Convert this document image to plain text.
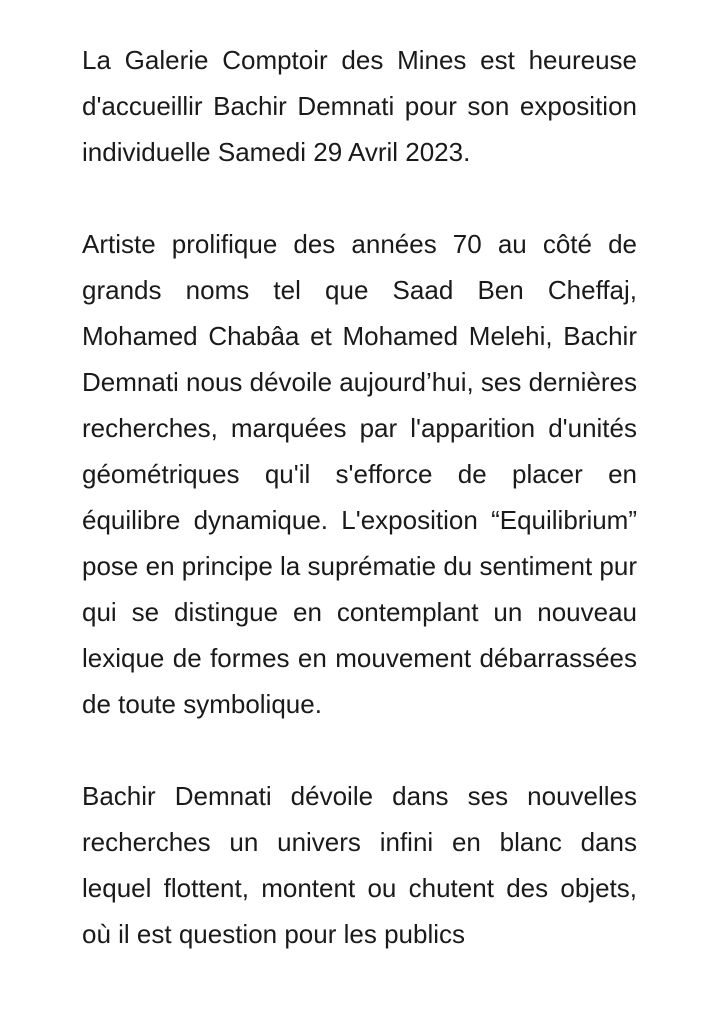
La Galerie Comptoir des Mines est heureuse d'accueillir Bachir Demnati pour son exposition individuelle Samedi 29 Avril 2023.

Artiste prolifique des années 70 au côté de grands noms tel que Saad Ben Cheffaj, Mohamed Chabâa et Mohamed Melehi, Bachir Demnati nous dévoile aujourd’hui, ses dernières recherches, marquées par l'apparition d'unités géométriques qu'il s'efforce de placer en équilibre dynamique. L'exposition “Equilibrium” pose en principe la suprématie du sentiment pur qui se distingue en contemplant un nouveau lexique de formes en mouvement débarrassées de toute symbolique.

Bachir Demnati dévoile dans ses nouvelles recherches un univers infini en blanc dans lequel flottent, montent ou chutent des objets, où il est question pour les publics
